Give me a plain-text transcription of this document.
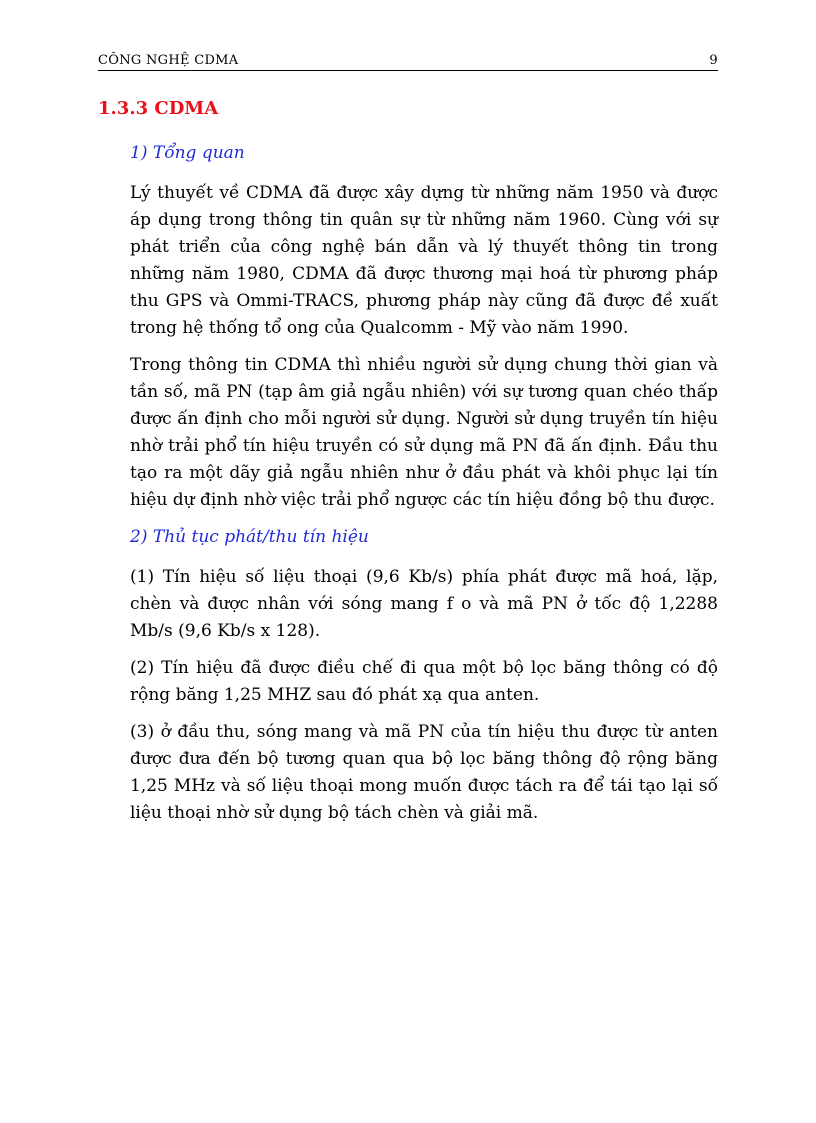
CÔNG NGHỆ CDMA	9
1.3.3 CDMA
1) Tổng quan

Lý thuyết về CDMA đã được xây dựng từ những năm 1950 và được áp dụng trong thông tin quân sự từ những năm 1960. Cùng với sự phát triển của công nghệ bán dẫn và lý thuyết thông tin trong những năm 1980, CDMA đã được thương mại hoá từ phương pháp thu GPS và Ommi-TRACS, phương pháp này cũng đã được đề xuất trong hệ thống tổ ong của Qualcomm - Mỹ vào năm 1990.

Trong thông tin CDMA thì nhiều người sử dụng chung thời gian và tần số, mã PN (tạp âm giả ngẫu nhiên) với sự tương quan chéo thấp được ấn định cho mỗi người sử dụng. Người sử dụng truyền tín hiệu nhờ trải phổ tín hiệu truyền có sử dụng mã PN đã ấn định. Đầu thu tạo ra một dãy giả ngẫu nhiên như ở đầu phát và khôi phục lại tín hiệu dự định nhờ việc trải phổ ngược các tín hiệu đồng bộ thu được.

2) Thủ tục phát/thu tín hiệu

(1) Tín hiệu số liệu thoại (9,6 Kb/s) phía phát được mã hoá, lặp, chèn và được nhân với sóng mang f o và mã PN ở tốc độ 1,2288 Mb/s (9,6 Kb/s x 128).

(2) Tín hiệu đã được điều chế đi qua một bộ lọc băng thông có độ rộng băng 1,25 MHZ sau đó phát xạ qua anten.

(3) ở đầu thu, sóng mang và mã PN của tín hiệu thu được từ anten được đưa đến bộ tương quan qua bộ lọc băng thông độ rộng băng 1,25 MHz và số liệu thoại mong muốn được tách ra để tái tạo lại số liệu thoại nhờ sử dụng bộ tách chèn và giải mã.
